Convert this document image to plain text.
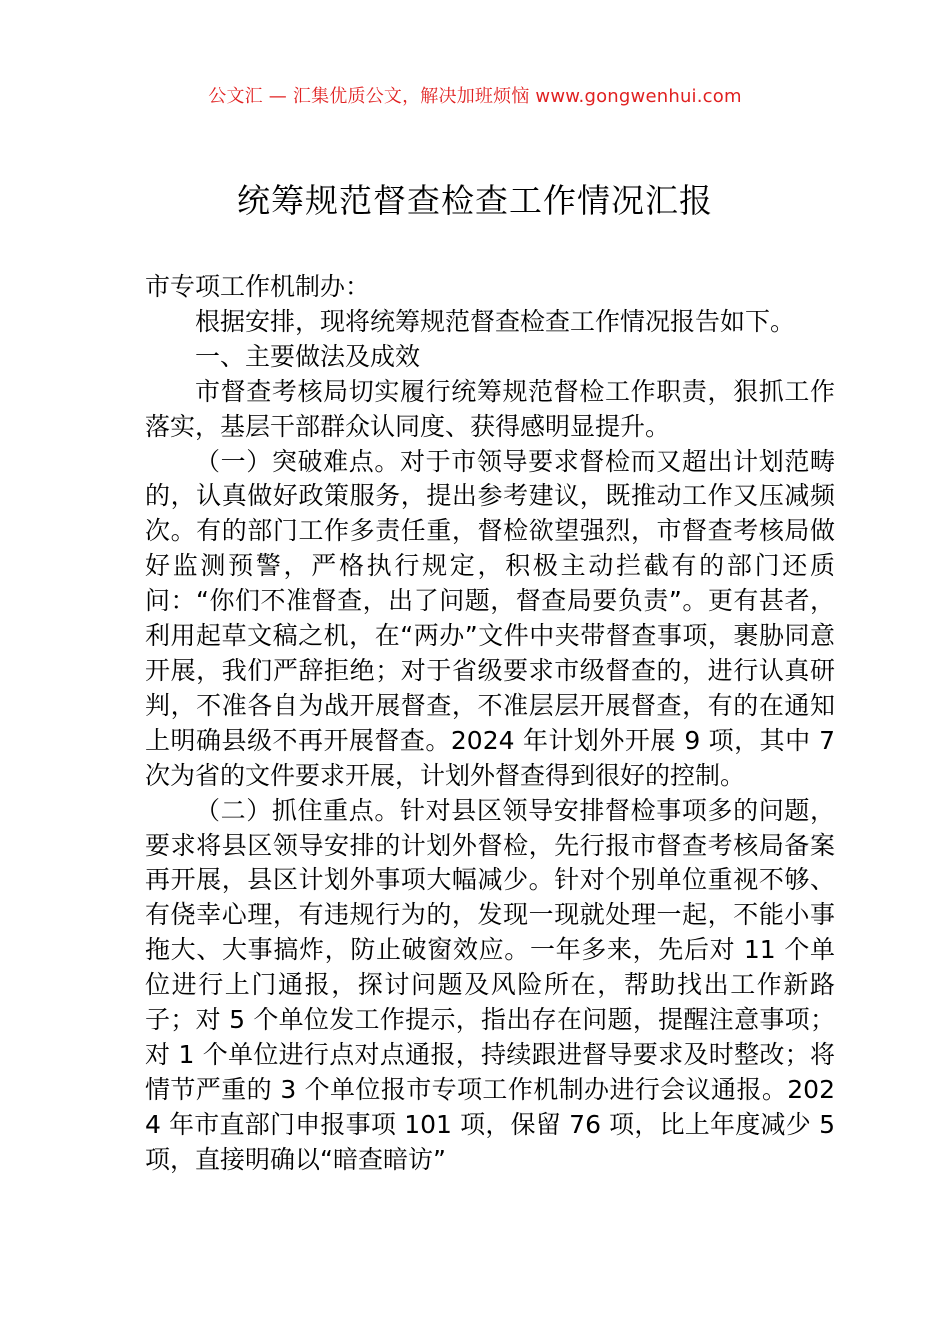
公文汇 — 汇集优质公文，解决加班烦恼 www.gongwenhui.com
统筹规范督查检查工作情况汇报

市专项工作机制办：

根据安排，现将统筹规范督查检查工作情况报告如下。

一、主要做法及成效

市督查考核局切实履行统筹规范督检工作职责，狠抓工作落实，基层干部群众认同度、获得感明显提升。

（一）突破难点。对于市领导要求督检而又超出计划范畴的，认真做好政策服务，提出参考建议，既推动工作又压减频次。有的部门工作多责任重，督检欲望强烈，市督查考核局做好监测预警，严格执行规定，积极主动拦截有的部门还质问：“你们不准督查，出了问题，督查局要负责”。更有甚者，利用起草文稿之机，在“两办”文件中夹带督查事项，裹胁同意开展，我们严辞拒绝；对于省级要求市级督查的，进行认真研判，不准各自为战开展督查，不准层层开展督查，有的在通知上明确县级不再开展督查。2024 年计划外开展 9 项，其中 7 次为省的文件要求开展，计划外督查得到很好的控制。

（二）抓住重点。针对县区领导安排督检事项多的问题，要求将县区领导安排的计划外督检，先行报市督查考核局备案再开展，县区计划外事项大幅减少。针对个别单位重视不够、有侥幸心理，有违规行为的，发现一现就处理一起，不能小事拖大、大事搞炸，防止破窗效应。一年多来，先后对 11 个单位进行上门通报，探讨问题及风险所在，帮助找出工作新路子；对 5 个单位发工作提示，指出存在问题，提醒注意事项；对 1 个单位进行点对点通报，持续跟进督导要求及时整改；将情节严重的 3 个单位报市专项工作机制办进行会议通报。2024 年市直部门申报事项 101 项，保留 76 项，比上年度减少 5 项，直接明确以“暗查暗访”
